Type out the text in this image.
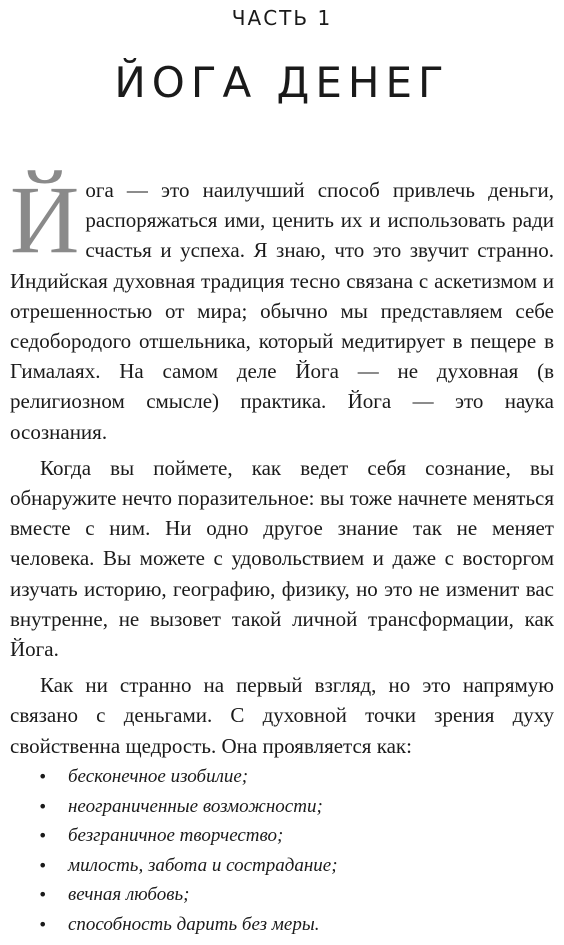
ЧАСТЬ 1
ЙОГА ДЕНЕГ

Йога — это наилучший способ привлечь деньги, распоряжаться ими, ценить их и использовать ради счастья и успеха. Я знаю, что это звучит странно. Индийская духовная традиция тесно связана с аскетизмом и отрешенностью от мира; обычно мы представляем себе седобородого отшельника, который медитирует в пещере в Гималаях. На самом деле Йога — не духовная (в религиозном смысле) практика. Йога — это наука осознания.

Когда вы поймете, как ведет себя сознание, вы обнаружите нечто поразительное: вы тоже начнете меняться вместе с ним. Ни одно другое знание так не меняет человека. Вы можете с удовольствием и даже с восторгом изучать историю, географию, физику, но это не изменит вас внутренне, не вызовет такой личной трансформации, как Йога.

Как ни странно на первый взгляд, но это напрямую связано с деньгами. С духовной точки зрения духу свойственна щедрость. Она проявляется как:

• бесконечное изобилие;
• неограниченные возможности;
• безграничное творчество;
• милость, забота и сострадание;
• вечная любовь;
• способность дарить без меры.
